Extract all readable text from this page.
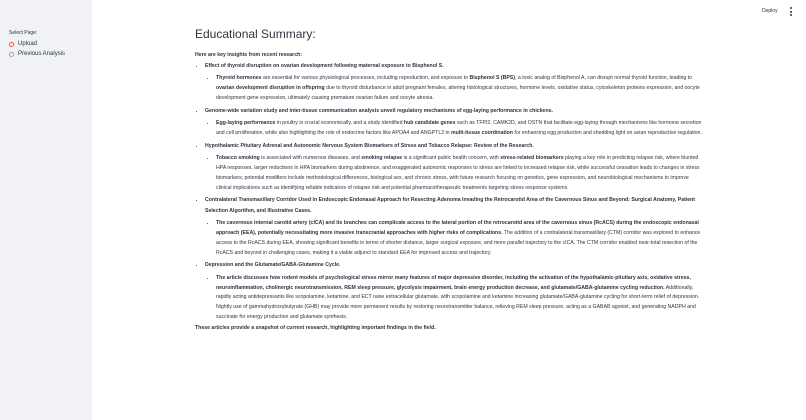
Select Page:
Upload
Previous Analysis
Deploy
Educational Summary:
Here are key insights from recent research:
• Effect of thyroid disruption on ovarian development following maternal exposure to Bisphenol S.
• Thyroid hormones are essential for various physiological processes, including reproduction, and exposure to Bisphenol S (BPS), a toxic analog of Bisphenol A, can disrupt normal thyroid function, leading to ovarian development disruption in offspring due to thyroid disturbance in adult pregnant females, altering histological structures, hormone levels, oxidative status, cytoskeleton proteins expression, and oocyte development gene expression, ultimately causing premature ovarian failure and oocyte atresia.
• Genome-wide variation study and inter-tissue communication analysis unveil regulatory mechanisms of egg-laying performance in chickens.
• Egg-laying performance in poultry is crucial economically, and a study identified hub candidate genes such as TFPI2, CAMK2D, and OSTN that facilitate egg-laying through mechanisms like hormone secretion and cell proliferation, while also highlighting the role of endocrine factors like APOA4 and ANGPTL2 in multi-tissue coordination for enhancing egg production and shedding light on avian reproductive regulation.
• Hypothalamic Pituitary Adrenal and Autonomic Nervous System Biomarkers of Stress and Tobacco Relapse: Review of the Research.
• Tobacco smoking is associated with numerous diseases, and smoking relapse is a significant public health concern, with stress-related biomarkers playing a key role in predicting relapse risk, where blunted HPA responses, larger reductions in HPA biomarkers during abstinence, and exaggerated autonomic responses to stress are linked to increased relapse risk, while successful cessation leads to changes in stress biomarkers; potential modifiers include methodological differences, biological sex, and chronic stress, with future research focusing on genetics, gene expression, and neurobiological mechanisms to improve clinical implications such as identifying reliable indicators of relapse risk and potential pharmacotherapeutic treatments targeting stress response systems.
• Contralateral Transmaxillary Corridor Used in Endoscopic Endonasal Approach for Resecting Adenoma Invading the Retrocarotid Area of the Cavernous Sinus and Beyond: Surgical Anatomy, Patient Selection Algorithm, and Illustrative Cases.
• The cavernous internal carotid artery (cICA) and its branches can complicate access to the lateral portion of the retrocarotid area of the cavernous sinus (RcACS) during the endoscopic endonasal approach (EEA), potentially necessitating more invasive transcranial approaches with higher risks of complications. The addition of a contralateral transmaxillary (CTM) corridor was explored to enhance access to the RcACS during EEA, showing significant benefits in terms of shorter distance, larger surgical exposure, and more parallel trajectory to the cICA. The CTM corridor enabled near-total resection of the RcACS and beyond in challenging cases, making it a viable adjunct to standard EEA for improved access and trajectory.
• Depression and the Glutamate/GABA-Glutamine Cycle.
• The article discusses how rodent models of psychological stress mirror many features of major depressive disorder, including the activation of the hypothalamic-pituitary axis, oxidative stress, neuroinflammation, cholinergic neurotransmission, REM sleep pressure, glycolysis impairment, brain energy production decrease, and glutamate/GABA-glutamine cycling reduction. Additionally, rapidly acting antidepressants like scopolamine, ketamine, and ECT raise extracellular glutamate, with scopolamine and ketamine increasing glutamate/GABA-glutamine cycling for short-term relief of depression. Nightly use of gammahydroxybutyrate (GHB) may provide more permanent results by restoring neurotransmitter balance, relieving REM sleep pressure, acting as a GABAB agonist, and generating NADPH and succinate for energy production and glutamate synthesis.
These articles provide a snapshot of current research, highlighting important findings in the field.
